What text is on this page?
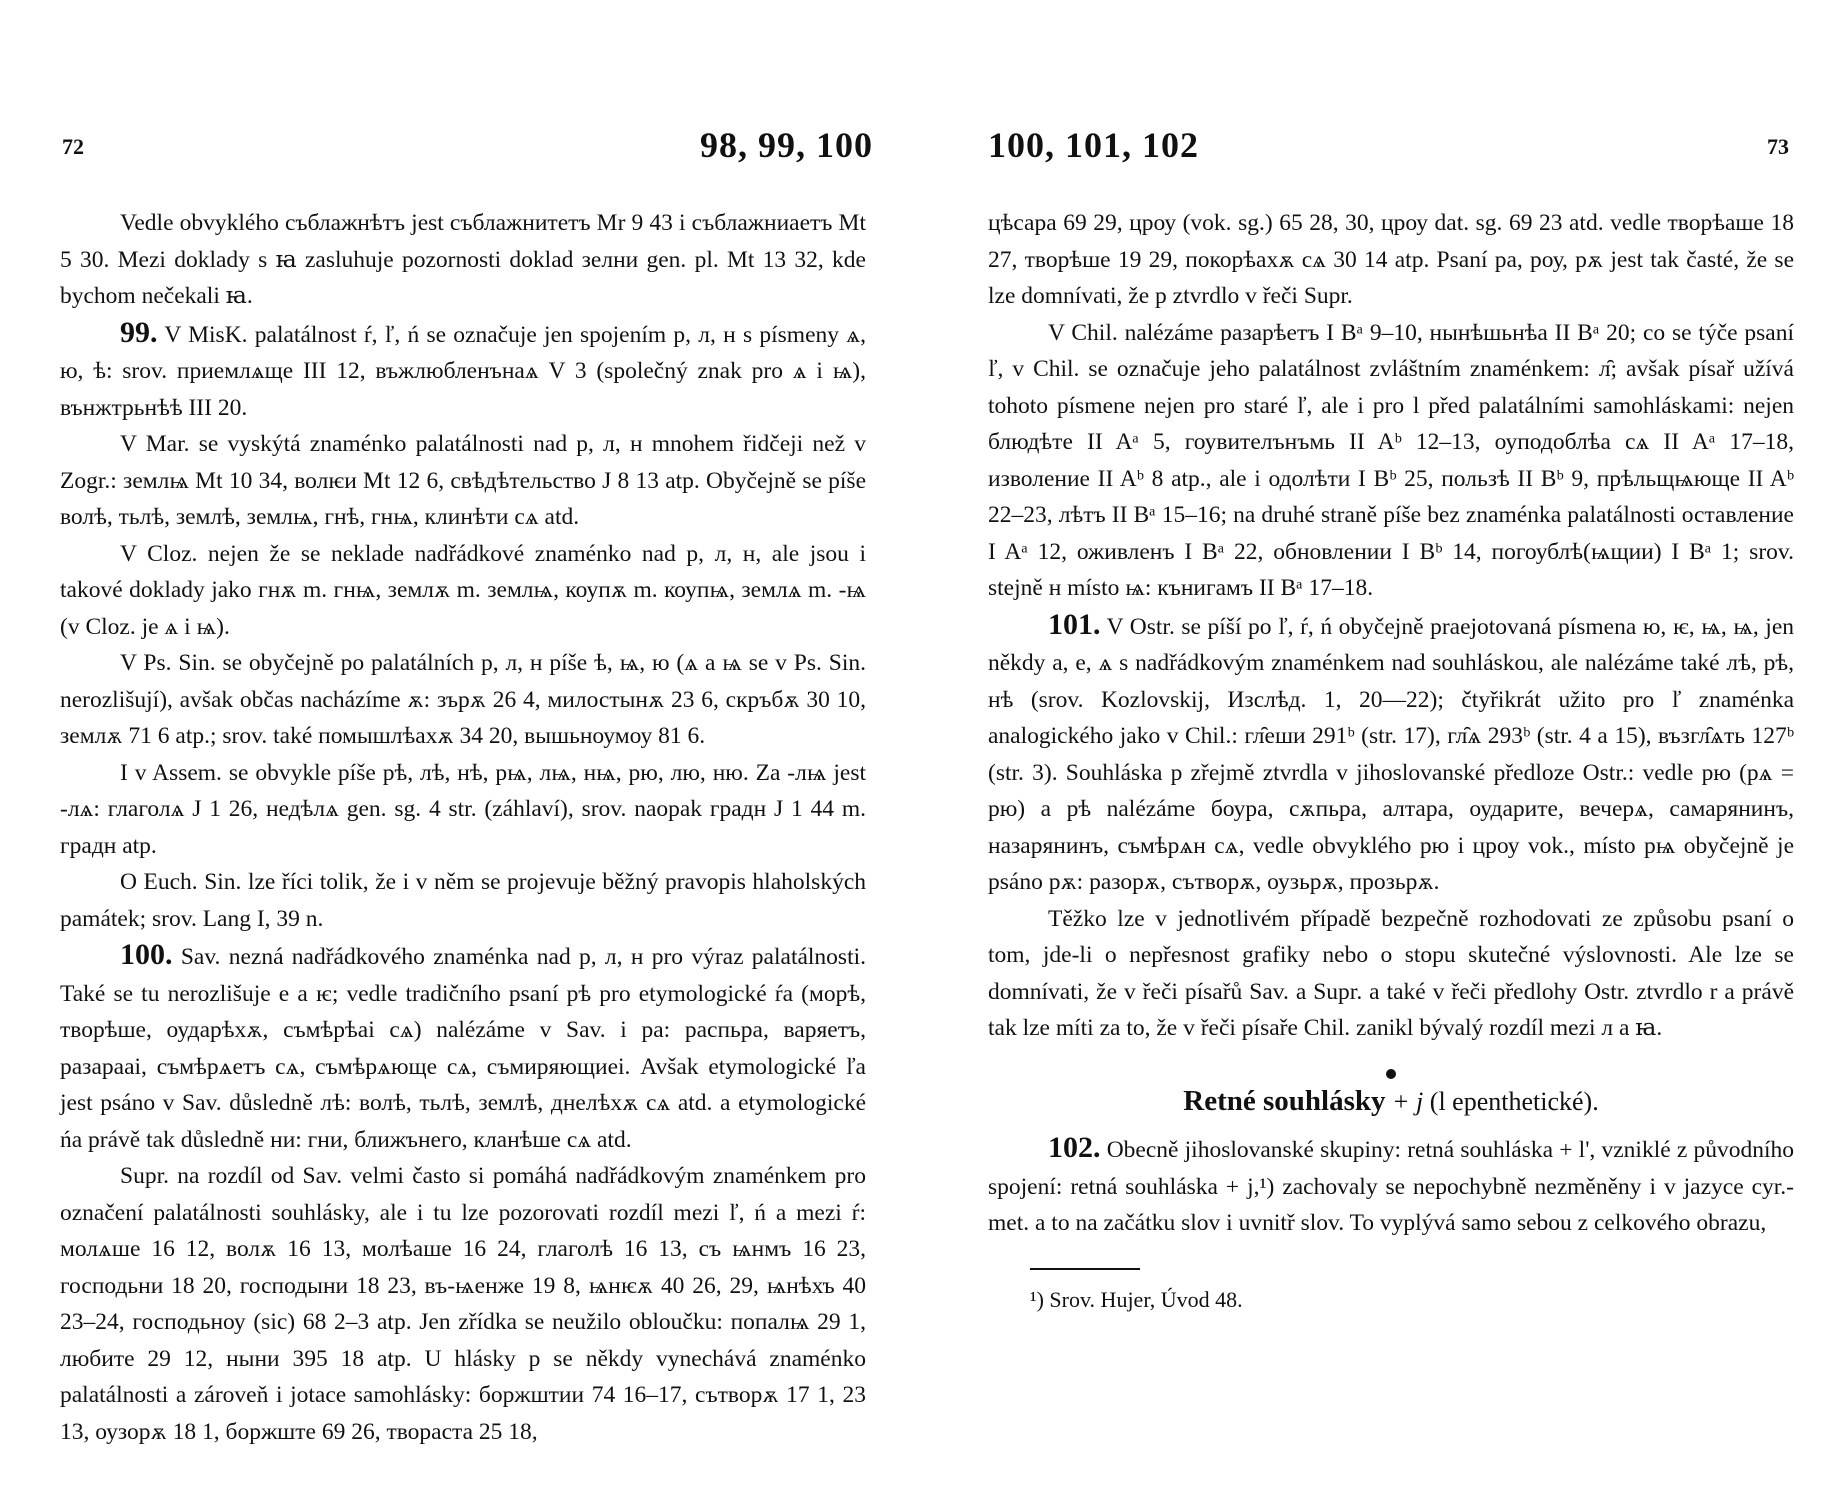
72	98, 99, 100

Vedle obvyklého съблажнѣтъ jest съблажнитетъ Mr 9 43 i съблажниаетъ Mt 5 30. Mezi doklady s ꙗ zasluhuje pozornosti doklad зелни gen. pl. Mt 13 32, kde bychom nečekali ꙗ.

99. V MisK. palatálnost ŕ, ľ, ń se označuje jen spojením р, л, н s písmeny ѧ, ю, ѣ: srov. приемлѧще III 12, въжлюбленънаѧ V 3 (společný znak pro ѧ i ѩ), вънжтрьнѣѣ III 20.

V Mar. se vyskýtá znaménko palatálnosti nad р, л, н mnohem řidčeji než v Zogr.: землѩ Mt 10 34, волѥи Mt 12 6, свѣдѣтельство J 8 13 atp. Obyčejně se píše волѣ, тьлѣ, землѣ, землѩ, гнѣ, гнѩ, клинѣти сѧ atd.

V Cloz. nejen že se neklade nadřádkové znaménko nad р, л, н, ale jsou i takové doklady jako гнѫ m. гнѩ, землѫ m. землѩ, коупѫ m. коупѩ, землѧ m. -ѩ (v Cloz. je ѧ i ѩ).

V Ps. Sin. se obyčejně po palatálních р, л, н píše ѣ, ѩ, ю (ѧ a ѩ se v Ps. Sin. nerozlišují), avšak občas nacházíme ѫ: зърѫ 26 4, милостынѫ 23 6, скръбѫ 30 10, землѫ 71 6 atp.; srov. také помышлѣахѫ 34 20, вышьноумоу 81 6.

I v Assem. se obvykle píše рѣ, лѣ, нѣ, рѩ, лѩ, нѩ, рю, лю, ню. Za -лѩ jest -лѧ: глаголѧ J 1 26, недѣлѧ gen. sg. 4 str. (záhlaví), srov. naopak градн J 1 44 m. градн atp.

O Euch. Sin. lze říci tolik, že i v něm se projevuje běžný pravopis hlaholských památek; srov. Lang I, 39 n.

100. Sav. nezná nadřádkového znaménka nad р, л, н pro výraz palatálnosti. Také se tu nerozlišuje е a ѥ; vedle tradičního psaní рѣ pro etymologické ŕa (морѣ, творѣше, оударѣхѫ, съмѣрѣаі сѧ) nalézáme v Sav. i ра: распьра, варяетъ, разарааі, съмѣрѧетъ сѧ, съмѣрѧюще сѧ, съмиряющиеі. Avšak etymologické ľa jest psáno v Sav. důsledně лѣ: волѣ, тьлѣ, землѣ, днелѣхѫ сѧ atd. a etymologické ńa právě tak důsledně ни: гни, ближънего, кланѣше сѧ atd.

Supr. na rozdíl od Sav. velmi často si pomáhá nadřádkovým znaménkem pro označení palatálnosti souhlásky, ale i tu lze pozorovati rozdíl mezi ľ, ń a mezi ŕ: молѧше 16 12, волѫ 16 13, молѣаше 16 24, глаголѣ 16 13, съ ѩнмъ 16 23, господьни 18 20, господыни 18 23, въ-ѩенже 19 8, ѩнѥѫ 40 26, 29, ѩнѣхъ 40 23–24, господьноу (sic) 68 2–3 atp. Jen zřídka se neužilo obloučku: попалѩ 29 1, любите 29 12, ныни 395 18 atp. U hlásky р se někdy vynechává znaménko palatálnosti a zároveň i jotace samohlásky: боржштии 74 16–17, сътворѫ 17 1, 23 13, оузорѫ 18 1, боржште 69 26, твораста 25 18,

73
100, 101, 102

цѣсара 69 29, цроу (vok. sg.) 65 28, 30, цроу dat. sg. 69 23 atd. vedle творѣаше 18 27, творѣше 19 29, покорѣахѫ сѧ 30 14 atp. Psaní ра, роу, рѫ jest tak časté, že se lze domnívati, že р ztvrdlo v řeči Supr.

V Chil. nalézáme разарѣетъ I Bᵃ 9–10, нынѣшьнѣа II Bᵃ 20; co se týče psaní ľ, v Chil. se označuje jeho palatálnost zvláštním znaménkem: л̑; avšak písař užívá tohoto písmene nejen pro staré ľ, ale i pro l před palatálními samohláskami: nejen блюдѣте II Aᵃ 5, гоувителънъмь II Aᵇ 12–13, оуподоблѣа сѧ II Aᵃ 17–18, изволение II Aᵇ 8 atp., ale i одолѣти I Bᵇ 25, пользѣ II Bᵇ 9, прѣльщѩюще II Aᵇ 22–23, лѣтъ II Bᵃ 15–16; na druhé straně píše bez znaménka palatálnosti оставление I Aᵃ 12, оживленъ I Bᵃ 22, обновлении I Bᵇ 14, погоублѣ(ѩщии) I Bᵃ 1; srov. stejně н místo ѩ: кънигамъ II Bᵃ 17–18.

101. V Ostr. se píší po ľ, ŕ, ń obyčejně praejotovaná písmena ю, ѥ, ѩ, ѩ, jen někdy а, е, ѧ s nadřádkovým znaménkem nad souhláskou, ale nalézáme také лѣ, рѣ, нѣ (srov. Kozlovskij, Изслѣд. 1, 20—22); čtyřikrát užito pro ľ znaménka analogického jako v Chil.: гл̑еши 291ᵇ (str. 17), гл̑ѧ 293ᵇ (str. 4 a 15), възгл̑ѧть 127ᵇ (str. 3). Souhláska р zřejmě ztvrdla v jihoslovanské předloze Ostr.: vedle рю (рѧ = рю) a рѣ nalézáme боура, сѫпьра, алтара, оударите, вечерѧ, самарянинъ, назарянинъ, съмѣрѧн сѧ, vedle obvyklého рю i цроу vok., místo рѩ obyčejně je psáno рѫ: разорѫ, сътворѫ, оузьрѫ, прозьрѫ.

Těžko lze v jednotlivém případě bezpečně rozhodovati ze způsobu psaní o tom, jde-li o nepřesnost grafiky nebo o stopu skutečné výslovnosti. Ale lze se domnívati, že v řeči písařů Sav. a Supr. a také v řeči předlohy Ostr. ztvrdlo r a právě tak lze míti za to, že v řeči písaře Chil. zanikl bývalý rozdíl mezi л a ꙗ.

Retné souhlásky + j (l epenthetické).

102. Obecně jihoslovanské skupiny: retná souhláska + l', vzniklé z původního spojení: retná souhláska + j,¹) zachovaly se nepochybně nezměněny i v jazyce cyr.-met. a to na začátku slov i uvnitř slov. To vyplývá samo sebou z celkového obrazu,

¹) Srov. Hujer, Úvod 48.
